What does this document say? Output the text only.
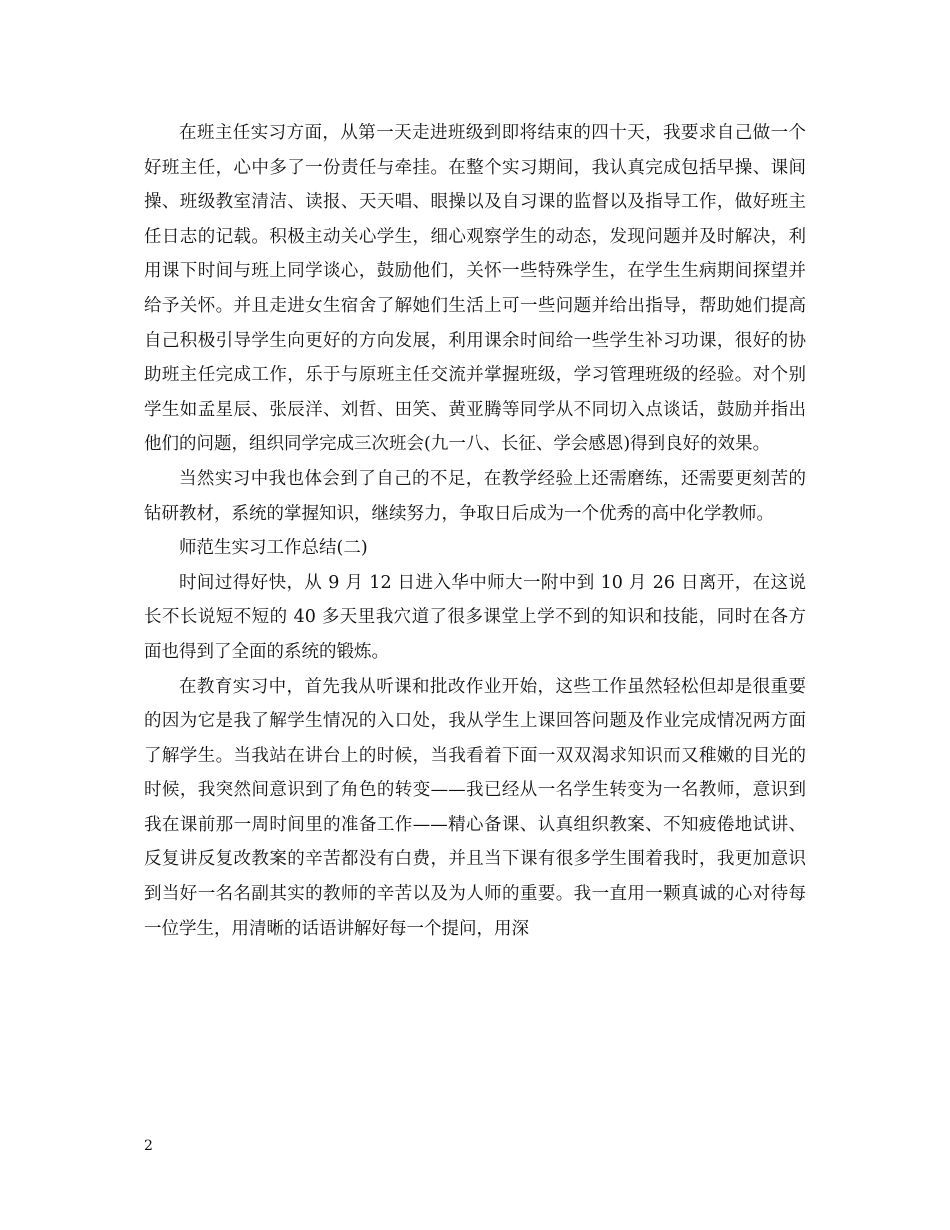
在班主任实习方面，从第一天走进班级到即将结束的四十天，我要求自己做一个好班主任，心中多了一份责任与牵挂。在整个实习期间，我认真完成包括早操、课间操、班级教室清洁、读报、天天唱、眼操以及自习课的监督以及指导工作，做好班主任日志的记载。积极主动关心学生，细心观察学生的动态，发现问题并及时解决，利用课下时间与班上同学谈心，鼓励他们，关怀一些特殊学生，在学生生病期间探望并给予关怀。并且走进女生宿舍了解她们生活上可一些问题并给出指导，帮助她们提高自己积极引导学生向更好的方向发展，利用课余时间给一些学生补习功课，很好的协助班主任完成工作，乐于与原班主任交流并掌握班级，学习管理班级的经验。对个别学生如孟星辰、张辰洋、刘哲、田笑、黄亚腾等同学从不同切入点谈话，鼓励并指出他们的问题，组织同学完成三次班会(九一八、长征、学会感恩)得到良好的效果。

当然实习中我也体会到了自己的不足，在教学经验上还需磨练，还需要更刻苦的钻研教材，系统的掌握知识，继续努力，争取日后成为一个优秀的高中化学教师。

师范生实习工作总结(二)

时间过得好快，从 9 月 12 日进入华中师大一附中到 10 月 26 日离开，在这说长不长说短不短的 40 多天里我穴道了很多课堂上学不到的知识和技能，同时在各方面也得到了全面的系统的锻炼。

在教育实习中，首先我从听课和批改作业开始，这些工作虽然轻松但却是很重要的因为它是我了解学生情况的入口处，我从学生上课回答问题及作业完成情况两方面了解学生。当我站在讲台上的时候，当我看着下面一双双渴求知识而又稚嫩的目光的时候，我突然间意识到了角色的转变——我已经从一名学生转变为一名教师，意识到我在课前那一周时间里的准备工作——精心备课、认真组织教案、不知疲倦地试讲、反复讲反复改教案的辛苦都没有白费，并且当下课有很多学生围着我时，我更加意识到当好一名名副其实的教师的辛苦以及为人师的重要。我一直用一颗真诚的心对待每一位学生，用清晰的话语讲解好每一个提问，用深

2
